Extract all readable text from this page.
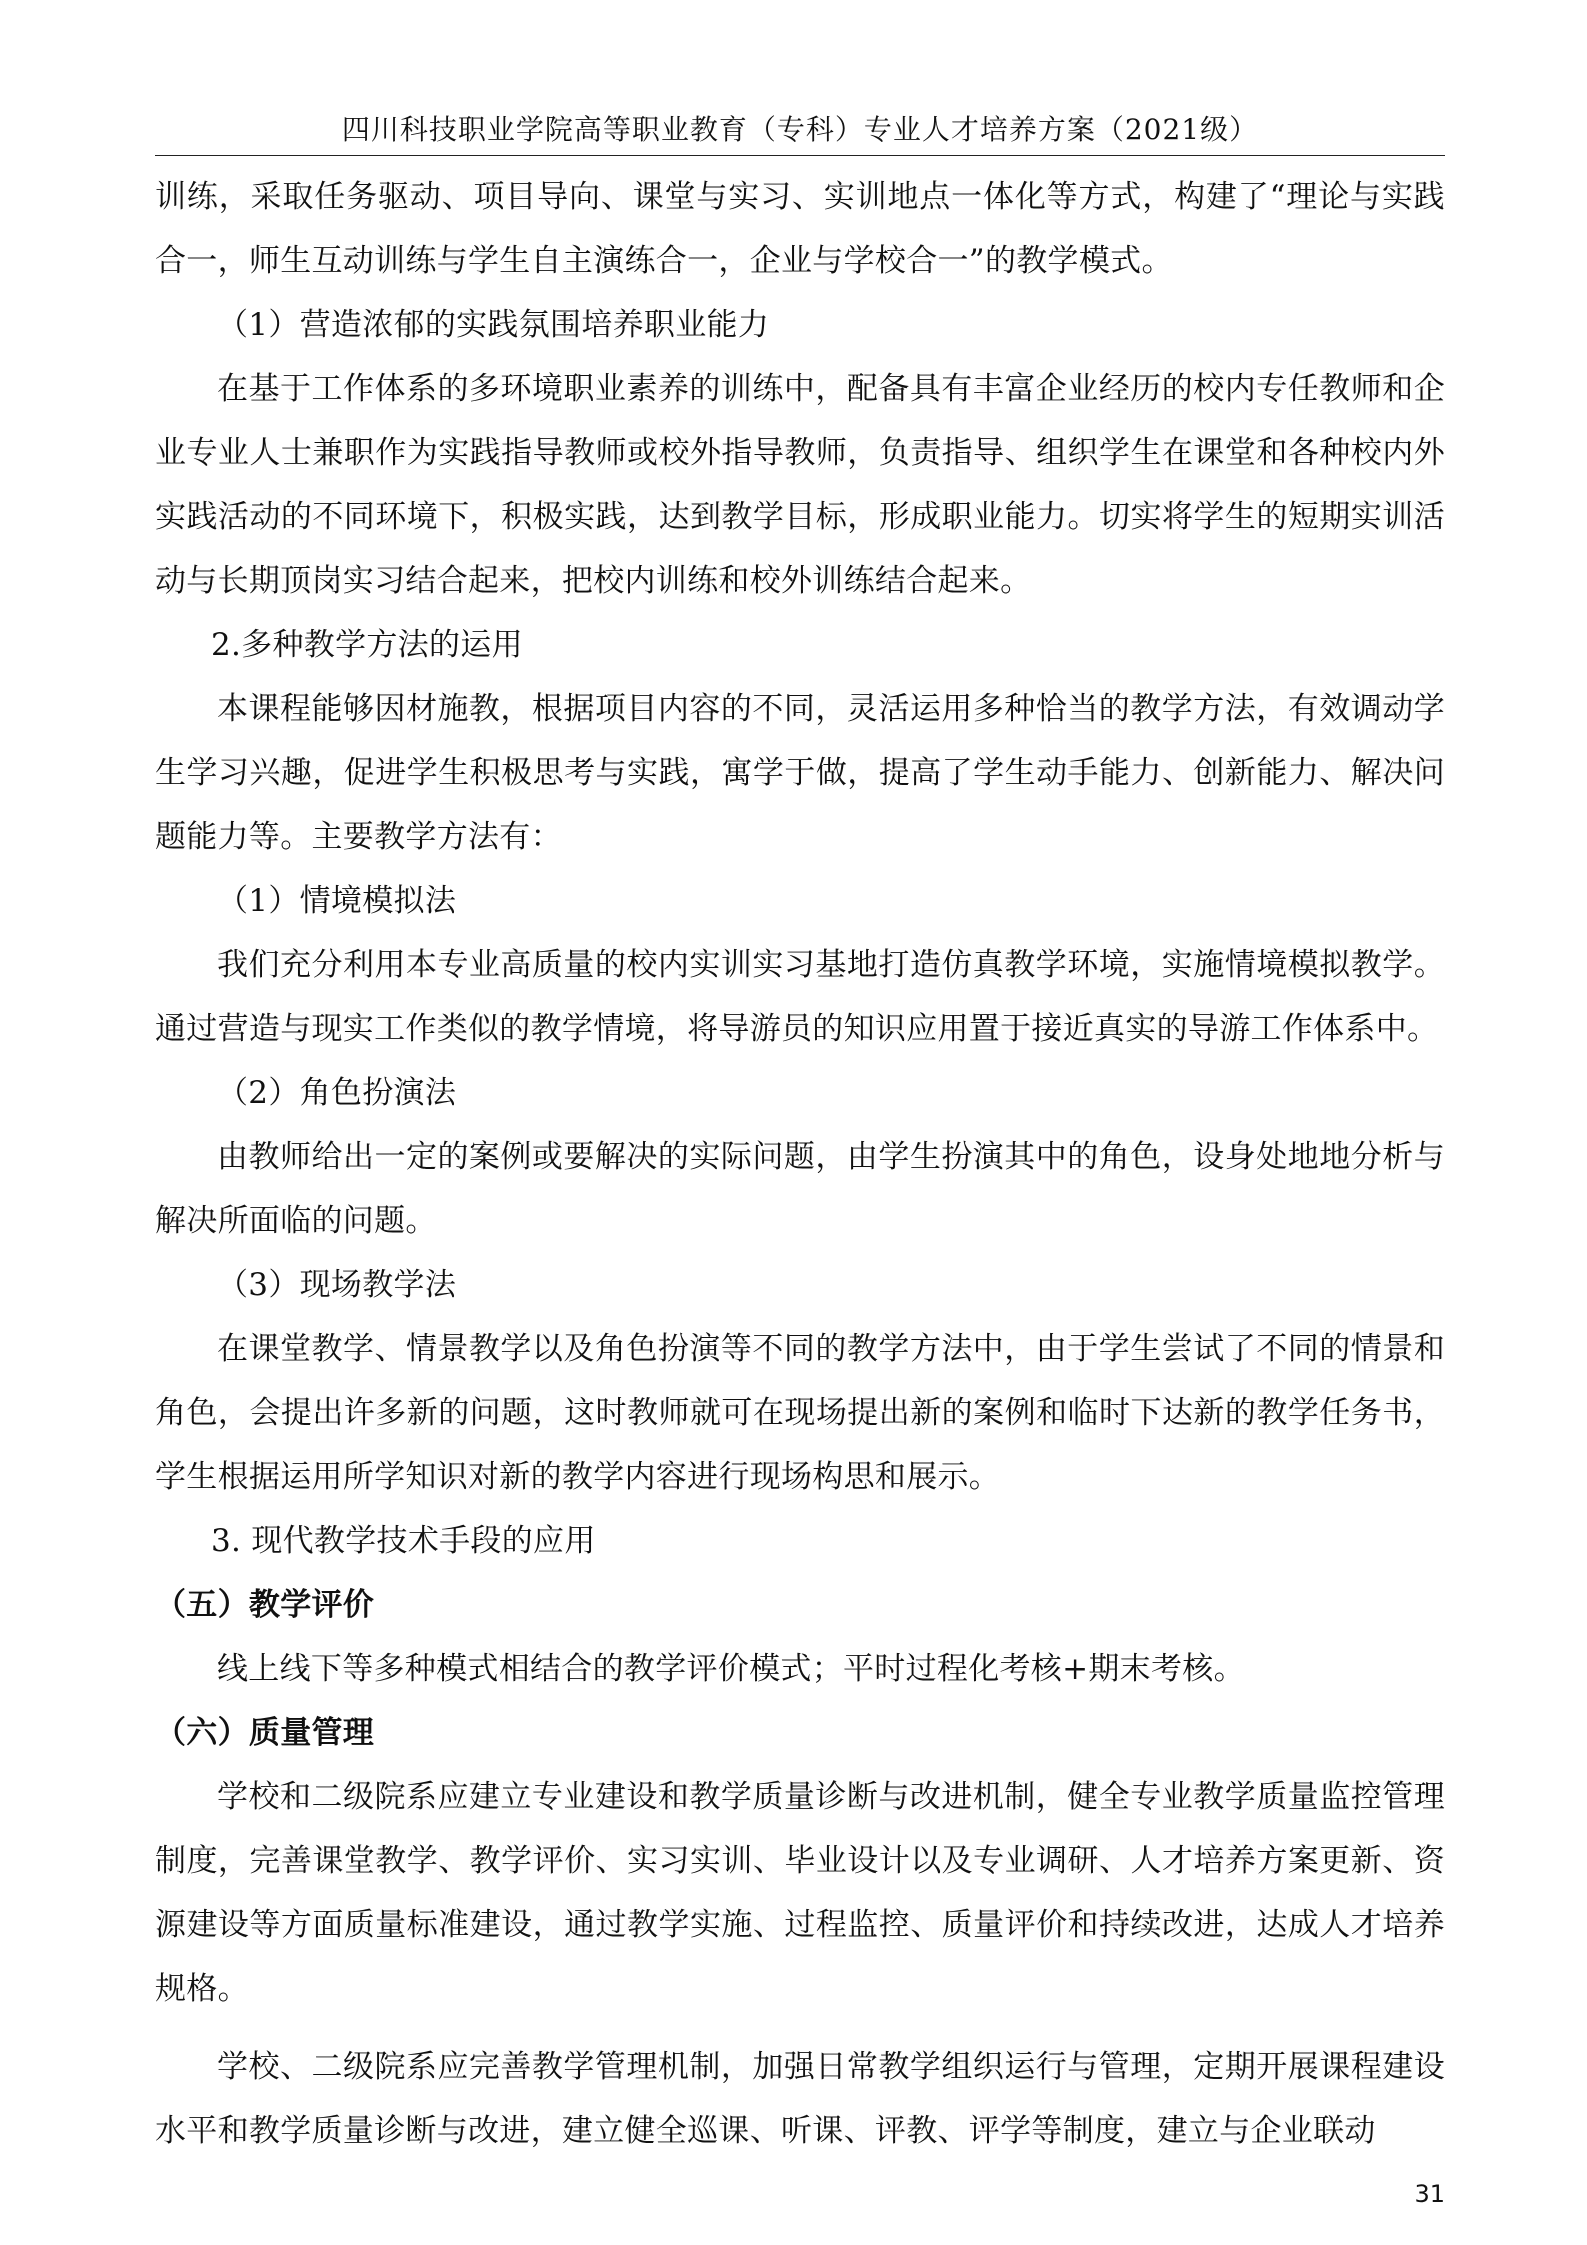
四川科技职业学院高等职业教育（专科）专业人才培养方案（2021级）

训练，采取任务驱动、项目导向、课堂与实习、实训地点一体化等方式，构建了“理论与实践合一，师生互动训练与学生自主演练合一，企业与学校合一”的教学模式。

（1）营造浓郁的实践氛围培养职业能力

在基于工作体系的多环境职业素养的训练中，配备具有丰富企业经历的校内专任教师和企业专业人士兼职作为实践指导教师或校外指导教师，负责指导、组织学生在课堂和各种校内外实践活动的不同环境下，积极实践，达到教学目标，形成职业能力。切实将学生的短期实训活动与长期顶岗实习结合起来，把校内训练和校外训练结合起来。

2.多种教学方法的运用

本课程能够因材施教，根据项目内容的不同，灵活运用多种恰当的教学方法，有效调动学生学习兴趣，促进学生积极思考与实践，寓学于做，提高了学生动手能力、创新能力、解决问题能力等。主要教学方法有：

（1）情境模拟法

我们充分利用本专业高质量的校内实训实习基地打造仿真教学环境，实施情境模拟教学。通过营造与现实工作类似的教学情境，将导游员的知识应用置于接近真实的导游工作体系中。

（2）角色扮演法

由教师给出一定的案例或要解决的实际问题，由学生扮演其中的角色，设身处地地分析与解决所面临的问题。

（3）现场教学法

在课堂教学、情景教学以及角色扮演等不同的教学方法中，由于学生尝试了不同的情景和角色，会提出许多新的问题，这时教师就可在现场提出新的案例和临时下达新的教学任务书，学生根据运用所学知识对新的教学内容进行现场构思和展示。

3. 现代教学技术手段的应用

（五）教学评价

线上线下等多种模式相结合的教学评价模式；平时过程化考核+期末考核。

（六）质量管理

学校和二级院系应建立专业建设和教学质量诊断与改进机制，健全专业教学质量监控管理制度，完善课堂教学、教学评价、实习实训、毕业设计以及专业调研、人才培养方案更新、资源建设等方面质量标准建设，通过教学实施、过程监控、质量评价和持续改进，达成人才培养规格。

学校、二级院系应完善教学管理机制，加强日常教学组织运行与管理，定期开展课程建设水平和教学质量诊断与改进，建立健全巡课、听课、评教、评学等制度，建立与企业联动

31
